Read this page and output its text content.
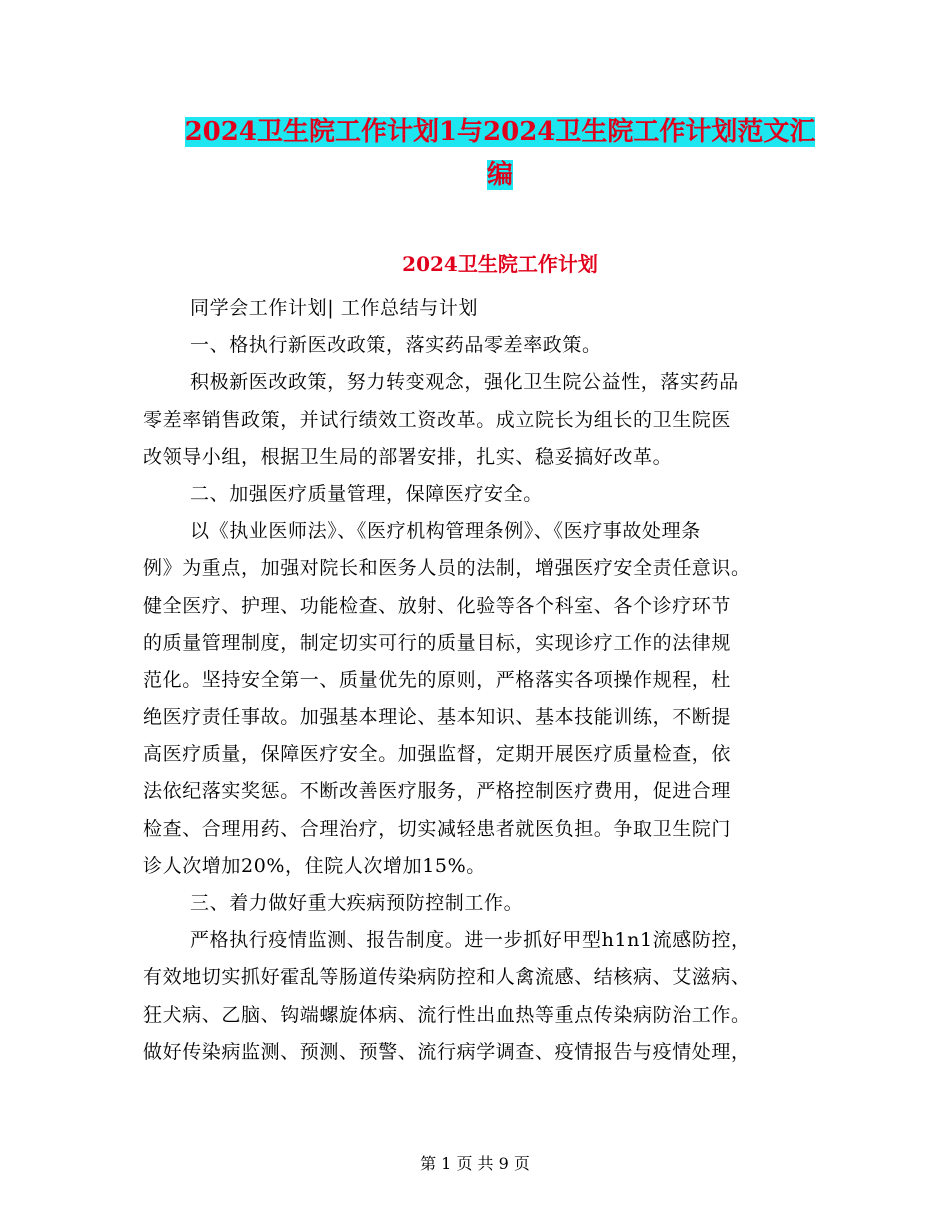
2024卫生院工作计划1与2024卫生院工作计划范文汇
编
2024卫生院工作计划
同学会工作计划| 工作总结与计划
一、格执行新医改政策，落实药品零差率政策。
积极新医改政策，努力转变观念，强化卫生院公益性，落实药品
零差率销售政策，并试行绩效工资改革。成立院长为组长的卫生院医
改领导小组，根据卫生局的部署安排，扎实、稳妥搞好改革。
二、加强医疗质量管理，保障医疗安全。
以《执业医师法》、《医疗机构管理条例》、《医疗事故处理条
例》为重点，加强对院长和医务人员的法制，增强医疗安全责任意识。
健全医疗、护理、功能检查、放射、化验等各个科室、各个诊疗环节
的质量管理制度，制定切实可行的质量目标，实现诊疗工作的法律规
范化。坚持安全第一、质量优先的原则，严格落实各项操作规程，杜
绝医疗责任事故。加强基本理论、基本知识、基本技能训练，不断提
高医疗质量，保障医疗安全。加强监督，定期开展医疗质量检查，依
法依纪落实奖惩。不断改善医疗服务，严格控制医疗费用，促进合理
检查、合理用药、合理治疗，切实减轻患者就医负担。争取卫生院门
诊人次增加20%，住院人次增加15%。
三、着力做好重大疾病预防控制工作。
严格执行疫情监测、报告制度。进一步抓好甲型h1n1流感防控，
有效地切实抓好霍乱等肠道传染病防控和人禽流感、结核病、艾滋病、
狂犬病、乙脑、钩端螺旋体病、流行性出血热等重点传染病防治工作。
做好传染病监测、预测、预警、流行病学调查、疫情报告与疫情处理，
第 1 页 共 9 页
